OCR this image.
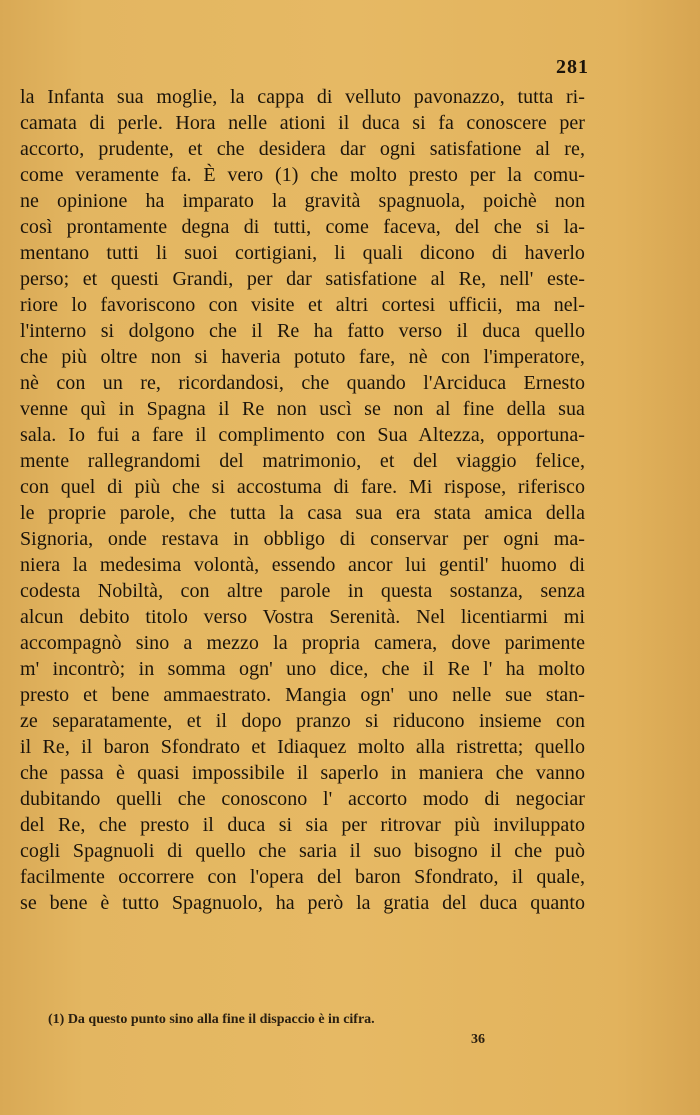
281
la Infanta sua moglie, la cappa di velluto pavonazzo, tutta ri-
camata di perle. Hora nelle ationi il duca si fa conoscere per
accorto, prudente, et che desidera dar ogni satisfatione al re,
come veramente fa. È vero (1) che molto presto per la comu-
ne opinione ha imparato la gravità spagnuola, poichè non
così prontamente degna di tutti, come faceva, del che si la-
mentano tutti li suoi cortigiani, li quali dicono di haverlo
perso; et questi Grandi, per dar satisfatione al Re, nell' este-
riore lo favoriscono con visite et altri cortesi ufficii, ma nel-
l'interno si dolgono che il Re ha fatto verso il duca quello
che più oltre non si haveria potuto fare, nè con l'imperatore,
nè con un re, ricordandosi, che quando l'Arciduca Ernesto
venne quì in Spagna il Re non uscì se non al fine della sua
sala. Io fui a fare il complimento con Sua Altezza, opportuna-
mente rallegrandomi del matrimonio, et del viaggio felice,
con quel di più che si accostuma di fare. Mi rispose, riferisco
le proprie parole, che tutta la casa sua era stata amica della
Signoria, onde restava in obbligo di conservar per ogni ma-
niera la medesima volontà, essendo ancor lui gentil' huomo di
codesta Nobiltà, con altre parole in questa sostanza, senza
alcun debito titolo verso Vostra Serenità. Nel licentiarmi mi
accompagnò sino a mezzo la propria camera, dove parimente
m' incontrò; in somma ogn' uno dice, che il Re l' ha molto
presto et bene ammaestrato. Mangia ogn' uno nelle sue stan-
ze separatamente, et il dopo pranzo si riducono insieme con
il Re, il baron Sfondrato et Idiaquez molto alla ristretta; quello
che passa è quasi impossibile il saperlo in maniera che vanno
dubitando quelli che conoscono l' accorto modo di negociar
del Re, che presto il duca si sia per ritrovar più inviluppato
cogli Spagnuoli di quello che saria il suo bisogno il che può
facilmente occorrere con l'opera del baron Sfondrato, il quale,
se bene è tutto Spagnuolo, ha però la gratia del duca quanto
(1) Da questo punto sino alla fine il dispaccio è in cifra.
36
